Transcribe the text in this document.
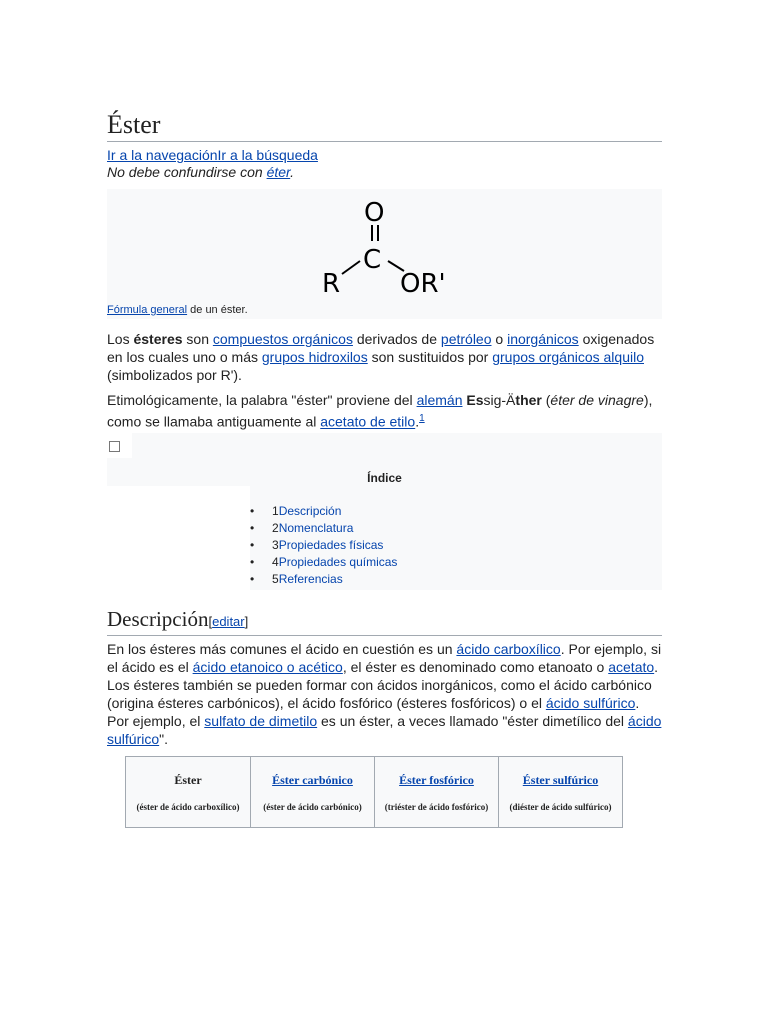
Éster
Ir a la navegaciónIr a la búsqueda
No debe confundirse con éter.
O
C
R OR'
Fórmula general de un éster.

Los ésteres son compuestos orgánicos derivados de petróleo o inorgánicos oxigenados en los cuales uno o más grupos hidroxilos son sustituidos por grupos orgánicos alquilo (simbolizados por R').

Etimológicamente, la palabra "éster" proviene del alemán Essig-Äther (éter de vinagre), como se llamaba antiguamente al acetato de etilo.$^1$

Índice
• 1Descripción
• 2Nomenclatura
• 3Propiedades físicas
• 4Propiedades químicas
• 5Referencias
Descripción[editar]

En los ésteres más comunes el ácido en cuestión es un ácido carboxílico. Por ejemplo, si el ácido es el ácido etanoico o acético, el éster es denominado como etanoato o acetato. Los ésteres también se pueden formar con ácidos inorgánicos, como el ácido carbónico (origina ésteres carbónicos), el ácido fosfórico (ésteres fosfóricos) o el ácido sulfúrico. Por ejemplo, el sulfato de dimetilo es un éster, a veces llamado "éster dimetílico del ácido sulfúrico".

Éster
(éster de ácido carboxílico)

Éster carbónico
(éster de ácido carbónico)

Éster fosfórico
(triéster de ácido fosfórico)

Éster sulfúrico
(diéster de ácido sulfúrico)
